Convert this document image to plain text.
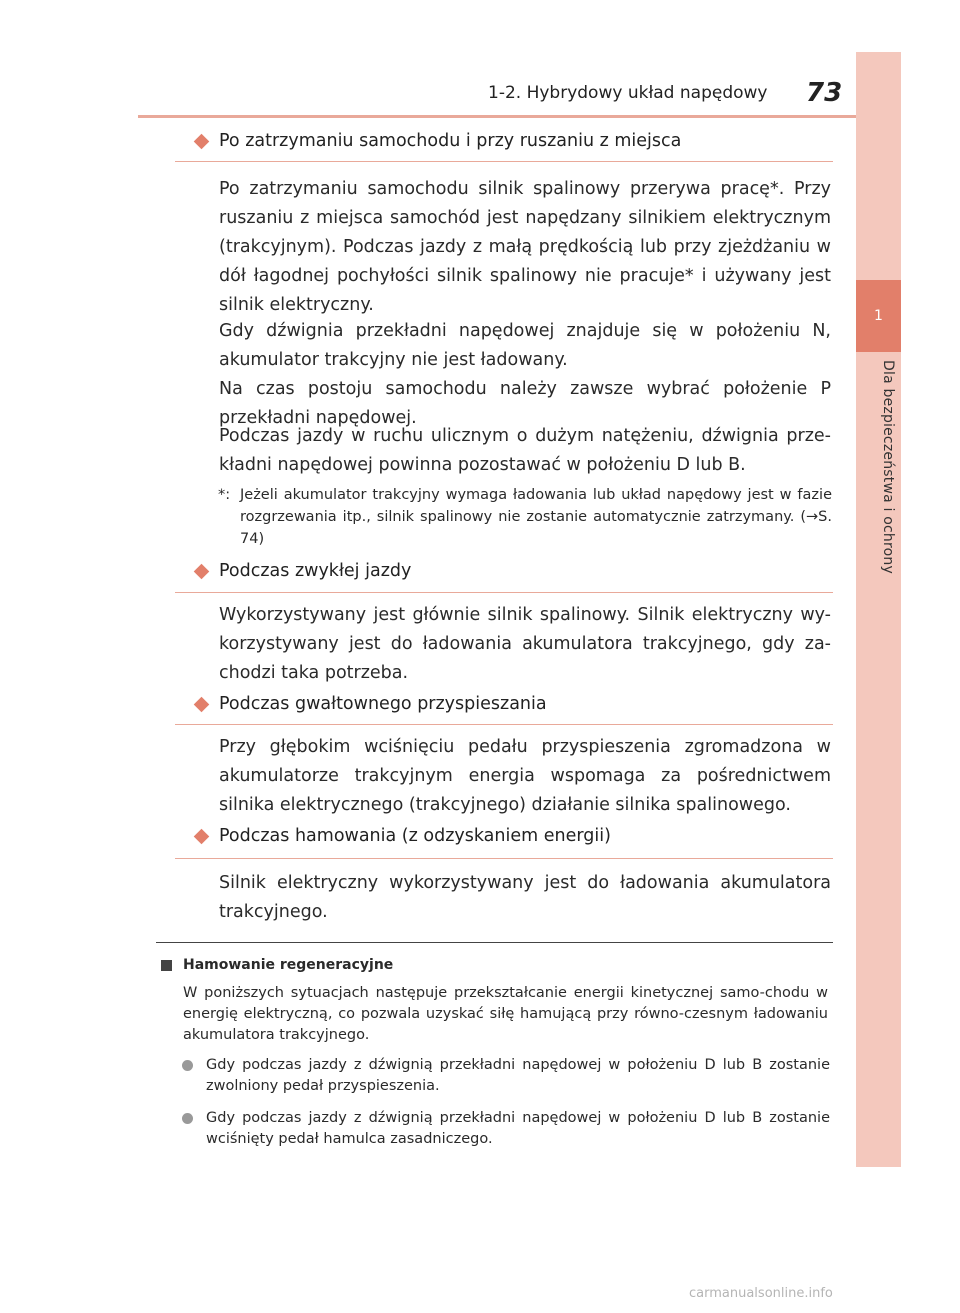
1
Dla bezpieczeństwa i ochrony
1-2. Hybrydowy układ napędowy 73
Po zatrzymaniu samochodu i przy ruszaniu z miejsca
Po zatrzymaniu samochodu silnik spalinowy przerywa pracę*. Przy ruszaniu z miejsca samochód jest napędzany silnikiem elektrycznym (trakcyjnym). Podczas jazdy z małą prędkością lub przy zjeżdżaniu w dół łagodnej pochyłości silnik spalinowy nie pracuje* i używany jest silnik elektryczny.
Gdy dźwignia przekładni napędowej znajduje się w położeniu N, akumulator trakcyjny nie jest ładowany.
Na czas postoju samochodu należy zawsze wybrać położenie P przekładni napędowej.
Podczas jazdy w ruchu ulicznym o dużym natężeniu, dźwignia prze-kładni napędowej powinna pozostawać w położeniu D lub B.
*: Jeżeli akumulator trakcyjny wymaga ładowania lub układ napędowy jest w fazie rozgrzewania itp., silnik spalinowy nie zostanie automatycznie zatrzymany. (→S. 74)
Podczas zwykłej jazdy
Wykorzystywany jest głównie silnik spalinowy. Silnik elektryczny wy-korzystywany jest do ładowania akumulatora trakcyjnego, gdy za-chodzi taka potrzeba.
Podczas gwałtownego przyspieszania
Przy głębokim wciśnięciu pedału przyspieszenia zgromadzona w akumulatorze trakcyjnym energia wspomaga za pośrednictwem silnika elektrycznego (trakcyjnego) działanie silnika spalinowego.
Podczas hamowania (z odzyskaniem energii)
Silnik elektryczny wykorzystywany jest do ładowania akumulatora trakcyjnego.
Hamowanie regeneracyjne
W poniższych sytuacjach następuje przekształcanie energii kinetycznej samo-chodu w energię elektryczną, co pozwala uzyskać siłę hamującą przy równo-czesnym ładowaniu akumulatora trakcyjnego.
Gdy podczas jazdy z dźwignią przekładni napędowej w położeniu D lub B zostanie zwolniony pedał przyspieszenia.
Gdy podczas jazdy z dźwignią przekładni napędowej w położeniu D lub B zostanie wciśnięty pedał hamulca zasadniczego.
carmanualsonline.info
